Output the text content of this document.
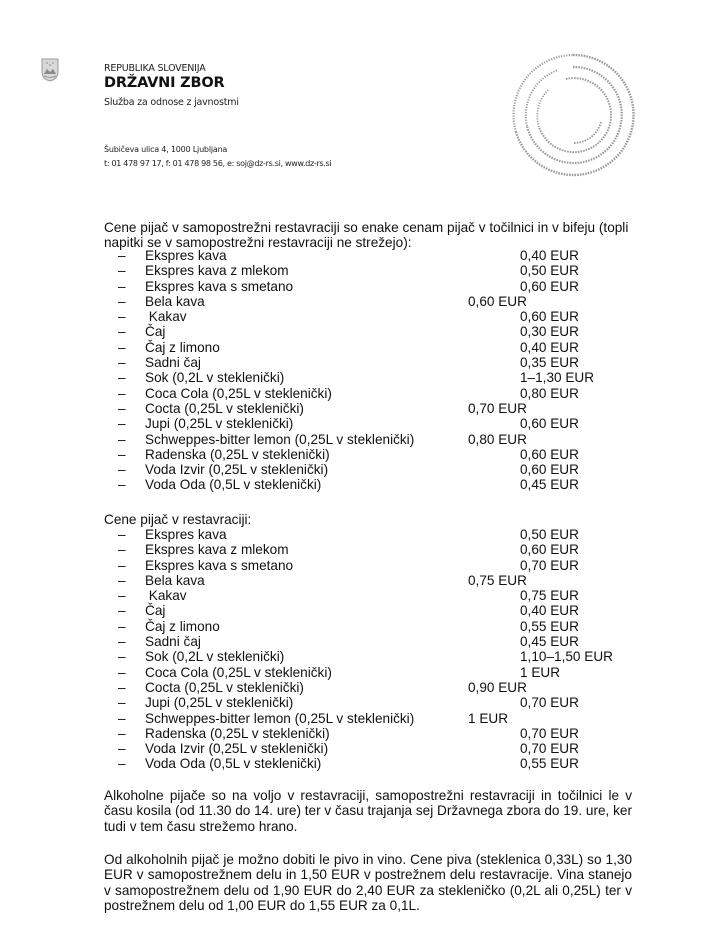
REPUBLIKA SLOVENIJA
DRŽAVNI ZBOR
Služba za odnose z javnostmi
Šubičeva ulica 4, 1000 Ljubljana
t: 01 478 97 17, f: 01 478 98 56, e: soj@dz-rs.si, www.dz-rs.si
Cene pijač v samopostrežni restavraciji so enake cenam pijač v točilnici in v bifeju (topli napitki se v samopostrežni restavraciji ne strežejo):
– Ekspres kava	0,40 EUR
– Ekspres kava z mlekom	0,50 EUR
– Ekspres kava s smetano	0,60 EUR
– Bela kava	0,60 EUR
– Kakav	0,60 EUR
– Čaj	0,30 EUR
– Čaj z limono	0,40 EUR
– Sadni čaj	0,35 EUR
– Sok (0,2L v steklenički)	1–1,30 EUR
– Coca Cola (0,25L v steklenički)	0,80 EUR
– Cocta (0,25L v steklenički)	0,70 EUR
– Jupi (0,25L v steklenički)	0,60 EUR
– Schweppes-bitter lemon (0,25L v steklenički)	0,80 EUR
– Radenska (0,25L v steklenički)	0,60 EUR
– Voda Izvir (0,25L v steklenički)	0,60 EUR
– Voda Oda (0,5L v steklenički)	0,45 EUR
Cene pijač v restavraciji:
– Ekspres kava	0,50 EUR
– Ekspres kava z mlekom	0,60 EUR
– Ekspres kava s smetano	0,70 EUR
– Bela kava	0,75 EUR
– Kakav	0,75 EUR
– Čaj	0,40 EUR
– Čaj z limono	0,55 EUR
– Sadni čaj	0,45 EUR
– Sok (0,2L v steklenički)	1,10–1,50 EUR
– Coca Cola (0,25L v steklenički)	1 EUR
– Cocta (0,25L v steklenički)	0,90 EUR
– Jupi (0,25L v steklenički)	0,70 EUR
– Schweppes-bitter lemon (0,25L v steklenički)	1 EUR
– Radenska (0,25L v steklenički)	0,70 EUR
– Voda Izvir (0,25L v steklenički)	0,70 EUR
– Voda Oda (0,5L v steklenički)	0,55 EUR
Alkoholne pijače so na voljo v restavraciji, samopostrežni restavraciji in točilnici le v času kosila (od 11.30 do 14. ure) ter v času trajanja sej Državnega zbora do 19. ure, ker tudi v tem času strežemo hrano.
Od alkoholnih pijač je možno dobiti le pivo in vino. Cene piva (steklenica 0,33L) so 1,30 EUR v samopostrežnem delu in 1,50 EUR v postrežnem delu restavracije. Vina stanejo v samopostrežnem delu od 1,90 EUR do 2,40 EUR za stekleničko (0,2L ali 0,25L) ter v postrežnem delu od 1,00 EUR do 1,55 EUR za 0,1L.
